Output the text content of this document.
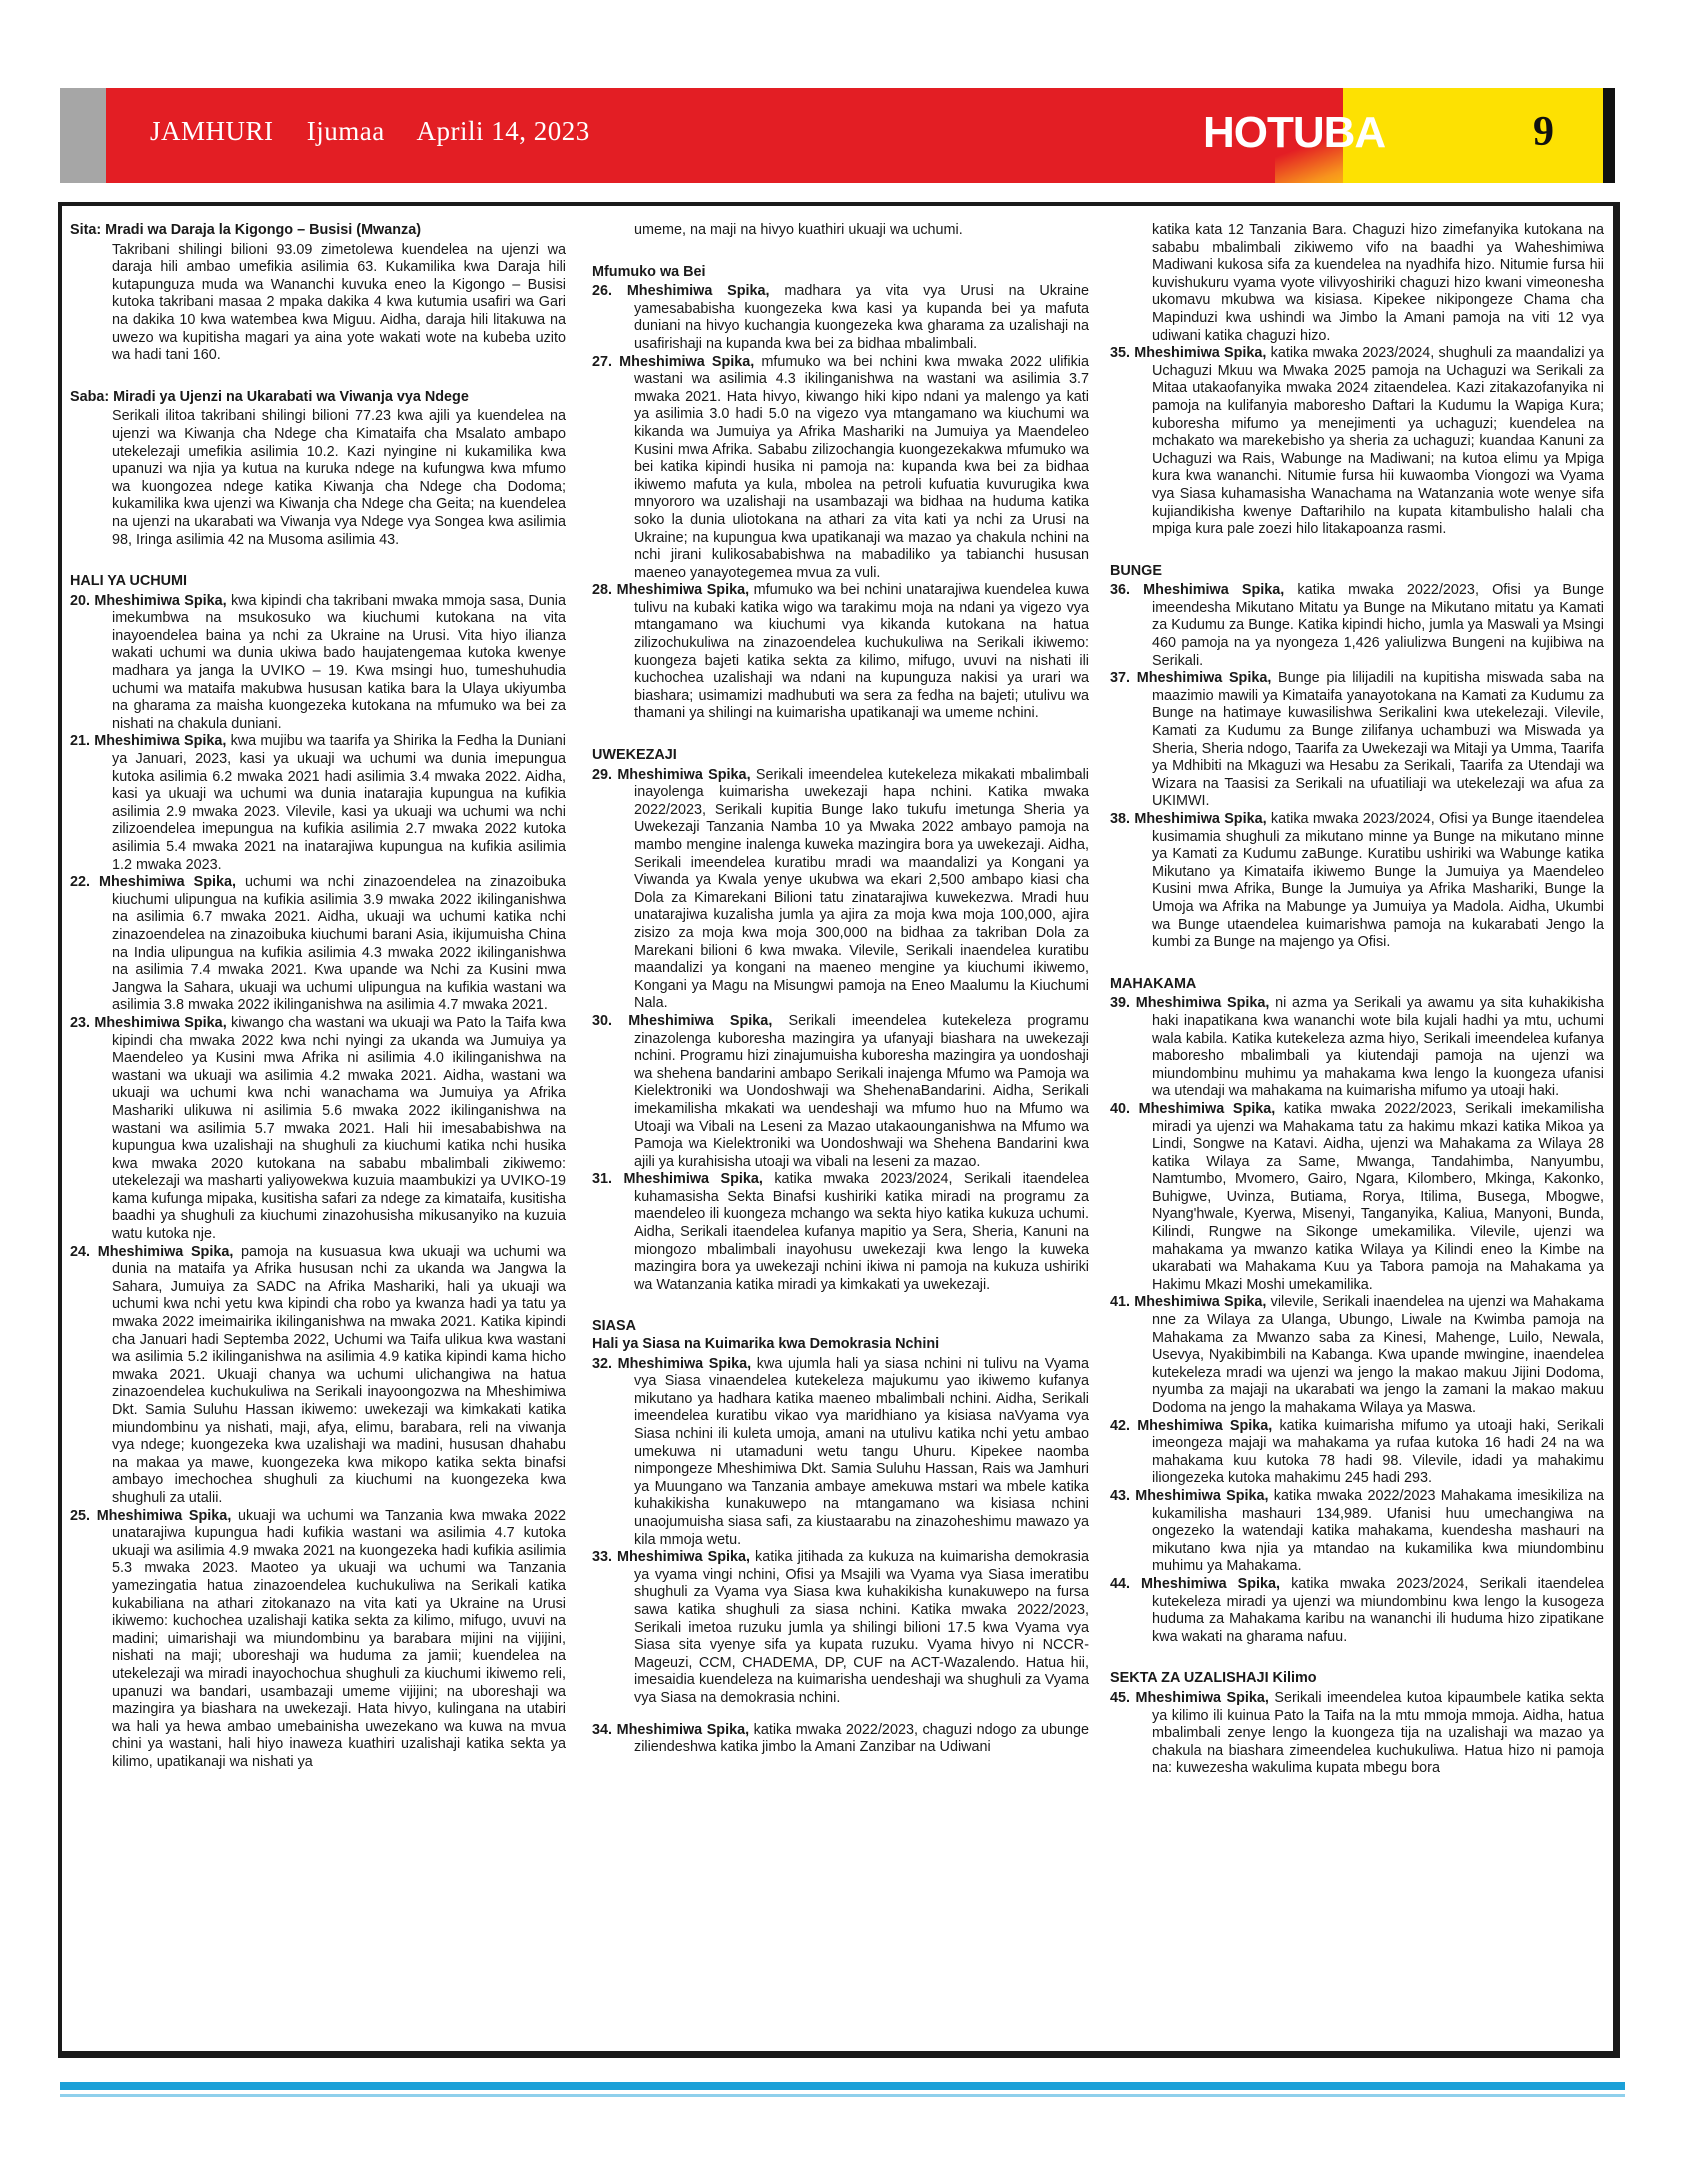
JAMHURI Ijumaa Aprili 14, 2023	HOTUBA	9
Sita: Mradi wa Daraja la Kigongo – Busisi (Mwanza)
Takribani shilingi bilioni 93.09 zimetolewa kuendelea na ujenzi wa daraja hili ambao umefikia asilimia 63. Kukamilika kwa Daraja hili kutapunguza muda wa Wananchi kuvuka eneo la Kigongo – Busisi kutoka takribani masaa 2 mpaka dakika 4 kwa kutumia usafiri wa Gari na dakika 10 kwa watembea kwa Miguu. Aidha, daraja hili litakuwa na uwezo wa kupitisha magari ya aina yote wakati wote na kubeba uzito wa hadi tani 160.
Saba: Miradi ya Ujenzi na Ukarabati wa Viwanja vya Ndege
Serikali ilitoa takribani shilingi bilioni 77.23 kwa ajili ya kuendelea na ujenzi wa Kiwanja cha Ndege cha Kimataifa cha Msalato ambapo utekelezaji umefikia asilimia 10.2. Kazi nyingine ni kukamilika kwa upanuzi wa njia ya kutua na kuruka ndege na kufungwa kwa mfumo wa kuongozea ndege katika Kiwanja cha Ndege cha Dodoma; kukamilika kwa ujenzi wa Kiwanja cha Ndege cha Geita; na kuendelea na ujenzi na ukarabati wa Viwanja vya Ndege vya Songea kwa asilimia 98, Iringa asilimia 42 na Musoma asilimia 43.
HALI YA UCHUMI

20. Mheshimiwa Spika, kwa kipindi cha takribani mwaka mmoja sasa, Dunia imekumbwa na msukosuko wa kiuchumi kutokana na vita inayoendelea baina ya nchi za Ukraine na Urusi. Vita hiyo ilianza wakati uchumi wa dunia ukiwa bado haujatengemaa kutoka kwenye madhara ya janga la UVIKO – 19. Kwa msingi huo, tumeshuhudia uchumi wa mataifa makubwa hususan katika bara la Ulaya ukiyumba na gharama za maisha kuongezeka kutokana na mfumuko wa bei za nishati na chakula duniani.

21. Mheshimiwa Spika, kwa mujibu wa taarifa ya Shirika la Fedha la Duniani ya Januari, 2023, kasi ya ukuaji wa uchumi wa dunia imepungua kutoka asilimia 6.2 mwaka 2021 hadi asilimia 3.4 mwaka 2022. Aidha, kasi ya ukuaji wa uchumi wa dunia inatarajia kupungua na kufikia asilimia 2.9 mwaka 2023. Vilevile, kasi ya ukuaji wa uchumi wa nchi zilizoendelea imepungua na kufikia asilimia 2.7 mwaka 2022 kutoka asilimia 5.4 mwaka 2021 na inatarajiwa kupungua na kufikia asilimia 1.2 mwaka 2023.

22. Mheshimiwa Spika, uchumi wa nchi zinazoendelea na zinazoibuka kiuchumi ulipungua na kufikia asilimia 3.9 mwaka 2022 ikilinganishwa na asilimia 6.7 mwaka 2021. Aidha, ukuaji wa uchumi katika nchi zinazoendelea na zinazoibuka kiuchumi barani Asia, ikijumuisha China na India ulipungua na kufikia asilimia 4.3 mwaka 2022 ikilinganishwa na asilimia 7.4 mwaka 2021. Kwa upande wa Nchi za Kusini mwa Jangwa la Sahara, ukuaji wa uchumi ulipungua na kufikia wastani wa asilimia 3.8 mwaka 2022 ikilinganishwa na asilimia 4.7 mwaka 2021.

23. Mheshimiwa Spika, kiwango cha wastani wa ukuaji wa Pato la Taifa kwa kipindi cha mwaka 2022 kwa nchi nyingi za ukanda wa Jumuiya ya Maendeleo ya Kusini mwa Afrika ni asilimia 4.0 ikilinganishwa na wastani wa ukuaji wa asilimia 4.2 mwaka 2021. Aidha, wastani wa ukuaji wa uchumi kwa nchi wanachama wa Jumuiya ya Afrika Mashariki ulikuwa ni asilimia 5.6 mwaka 2022 ikilinganishwa na wastani wa asilimia 5.7 mwaka 2021. Hali hii imesababishwa na kupungua kwa uzalishaji na shughuli za kiuchumi katika nchi husika kwa mwaka 2020 kutokana na sababu mbalimbali zikiwemo: utekelezaji wa masharti yaliyowekwa kuzuia maambukizi ya UVIKO-19 kama kufunga mipaka, kusitisha safari za ndege za kimataifa, kusitisha baadhi ya shughuli za kiuchumi zinazohusisha mikusanyiko na kuzuia watu kutoka nje.

24. Mheshimiwa Spika, pamoja na kusuasua kwa ukuaji wa uchumi wa dunia na mataifa ya Afrika hususan nchi za ukanda wa Jangwa la Sahara, Jumuiya za SADC na Afrika Mashariki, hali ya ukuaji wa uchumi kwa nchi yetu kwa kipindi cha robo ya kwanza hadi ya tatu ya mwaka 2022 imeimairika ikilinganishwa na mwaka 2021. Katika kipindi cha Januari hadi Septemba 2022, Uchumi wa Taifa ulikua kwa wastani wa asilimia 5.2 ikilinganishwa na asilimia 4.9 katika kipindi kama hicho mwaka 2021. Ukuaji chanya wa uchumi ulichangiwa na hatua zinazoendelea kuchukuliwa na Serikali inayoongozwa na Mheshimiwa Dkt. Samia Suluhu Hassan ikiwemo: uwekezaji wa kimkakati katika miundombinu ya nishati, maji, afya, elimu, barabara, reli na viwanja vya ndege; kuongezeka kwa uzalishaji wa madini, hususan dhahabu na makaa ya mawe, kuongezeka kwa mikopo katika sekta binafsi ambayo imechochea shughuli za kiuchumi na kuongezeka kwa shughuli za utalii.

25. Mheshimiwa Spika, ukuaji wa uchumi wa Tanzania kwa mwaka 2022 unatarajiwa kupungua hadi kufikia wastani wa asilimia 4.7 kutoka ukuaji wa asilimia 4.9 mwaka 2021 na kuongezeka hadi kufikia asilimia 5.3 mwaka 2023. Maoteo ya ukuaji wa uchumi wa Tanzania yamezingatia hatua zinazoendelea kuchukuliwa na Serikali katika kukabiliana na athari zitokanazo na vita kati ya Ukraine na Urusi ikiwemo: kuchochea uzalishaji katika sekta za kilimo, mifugo, uvuvi na madini; uimarishaji wa miundombinu ya barabara mijini na vijijini, nishati na maji; uboreshaji wa huduma za jamii; kuendelea na utekelezaji wa miradi inayochochua shughuli za kiuchumi ikiwemo reli, upanuzi wa bandari, usambazaji umeme vijijini; na uboreshaji wa mazingira ya biashara na uwekezaji. Hata hivyo, kulingana na utabiri wa hali ya hewa ambao umebainisha uwezekano wa kuwa na mvua chini ya wastani, hali hiyo inaweza kuathiri uzalishaji katika sekta ya kilimo, upatikanaji wa nishati ya

umeme, na maji na hivyo kuathiri ukuaji wa uchumi.
Mfumuko wa Bei

26. Mheshimiwa Spika, madhara ya vita vya Urusi na Ukraine yamesababisha kuongezeka kwa kasi ya kupanda bei ya mafuta duniani na hivyo kuchangia kuongezeka kwa gharama za uzalishaji na usafirishaji na kupanda kwa bei za bidhaa mbalimbali.

27. Mheshimiwa Spika, mfumuko wa bei nchini kwa mwaka 2022 ulifikia wastani wa asilimia 4.3 ikilinganishwa na wastani wa asilimia 3.7 mwaka 2021. Hata hivyo, kiwango hiki kipo ndani ya malengo ya kati ya asilimia 3.0 hadi 5.0 na vigezo vya mtangamano wa kiuchumi wa kikanda wa Jumuiya ya Afrika Mashariki na Jumuiya ya Maendeleo Kusini mwa Afrika. Sababu zilizochangia kuongezekakwa mfumuko wa bei katika kipindi husika ni pamoja na: kupanda kwa bei za bidhaa ikiwemo mafuta ya kula, mbolea na petroli kufuatia kuvurugika kwa mnyororo wa uzalishaji na usambazaji wa bidhaa na huduma katika soko la dunia uliotokana na athari za vita kati ya nchi za Urusi na Ukraine; na kupungua kwa upatikanaji wa mazao ya chakula nchini na nchi jirani kulikosababishwa na mabadiliko ya tabianchi hususan maeneo yanayotegemea mvua za vuli.

28. Mheshimiwa Spika, mfumuko wa bei nchini unatarajiwa kuendelea kuwa tulivu na kubaki katika wigo wa tarakimu moja na ndani ya vigezo vya mtangamano wa kiuchumi vya kikanda kutokana na hatua zilizochukuliwa na zinazoendelea kuchukuliwa na Serikali ikiwemo: kuongeza bajeti katika sekta za kilimo, mifugo, uvuvi na nishati ili kuchochea uzalishaji wa ndani na kupunguza nakisi ya urari wa biashara; usimamizi madhubuti wa sera za fedha na bajeti; utulivu wa thamani ya shilingi na kuimarisha upatikanaji wa umeme nchini.

UWEKEZAJI

29. Mheshimiwa Spika, Serikali imeendelea kutekeleza mikakati mbalimbali inayolenga kuimarisha uwekezaji hapa nchini. Katika mwaka 2022/2023, Serikali kupitia Bunge lako tukufu imetunga Sheria ya Uwekezaji Tanzania Namba 10 ya Mwaka 2022 ambayo pamoja na mambo mengine inalenga kuweka mazingira bora ya uwekezaji. Aidha, Serikali imeendelea kuratibu mradi wa maandalizi ya Kongani ya Viwanda ya Kwala yenye ukubwa wa ekari 2,500 ambapo kiasi cha Dola za Kimarekani Bilioni tatu zinatarajiwa kuwekezwa. Mradi huu unatarajiwa kuzalisha jumla ya ajira za moja kwa moja 100,000, ajira zisizo za moja kwa moja 300,000 na bidhaa za takriban Dola za Marekani bilioni 6 kwa mwaka. Vilevile, Serikali inaendelea kuratibu maandalizi ya kongani na maeneo mengine ya kiuchumi ikiwemo, Kongani ya Magu na Misungwi pamoja na Eneo Maalumu la Kiuchumi Nala.

30. Mheshimiwa Spika, Serikali imeendelea kutekeleza programu zinazolenga kuboresha mazingira ya ufanyaji biashara na uwekezaji nchini. Programu hizi zinajumuisha kuboresha mazingira ya uondoshaji wa shehena bandarini ambapo Serikali inajenga Mfumo wa Pamoja wa Kielektroniki wa Uondoshwaji wa ShehenaBandarini. Aidha, Serikali imekamilisha mkakati wa uendeshaji wa mfumo huo na Mfumo wa Utoaji wa Vibali na Leseni za Mazao utakaounganishwa na Mfumo wa Pamoja wa Kielektroniki wa Uondoshwaji wa Shehena Bandarini kwa ajili ya kurahisisha utoaji wa vibali na leseni za mazao.

31. Mheshimiwa Spika, katika mwaka 2023/2024, Serikali itaendelea kuhamasisha Sekta Binafsi kushiriki katika miradi na programu za maendeleo ili kuongeza mchango wa sekta hiyo katika kukuza uchumi. Aidha, Serikali itaendelea kufanya mapitio ya Sera, Sheria, Kanuni na miongozo mbalimbali inayohusu uwekezaji kwa lengo la kuweka mazingira bora ya uwekezaji nchini ikiwa ni pamoja na kukuza ushiriki wa Watanzania katika miradi ya kimkakati ya uwekezaji.

SIASA
Hali ya Siasa na Kuimarika kwa Demokrasia Nchini

32. Mheshimiwa Spika, kwa ujumla hali ya siasa nchini ni tulivu na Vyama vya Siasa vinaendelea kutekeleza majukumu yao ikiwemo kufanya mikutano ya hadhara katika maeneo mbalimbali nchini. Aidha, Serikali imeendelea kuratibu vikao vya maridhiano ya kisiasa naVyama vya Siasa nchini ili kuleta umoja, amani na utulivu katika nchi yetu ambao umekuwa ni utamaduni wetu tangu Uhuru. Kipekee naomba nimpongeze Mheshimiwa Dkt. Samia Suluhu Hassan, Rais wa Jamhuri ya Muungano wa Tanzania ambaye amekuwa mstari wa mbele katika kuhakikisha kunakuwepo na mtangamano wa kisiasa nchini unaojumuisha siasa safi, za kiustaarabu na zinazoheshimu mawazo ya kila mmoja wetu.

33. Mheshimiwa Spika, katika jitihada za kukuza na kuimarisha demokrasia ya vyama vingi nchini, Ofisi ya Msajili wa Vyama vya Siasa imeratibu shughuli za Vyama vya Siasa kwa kuhakikisha kunakuwepo na fursa sawa katika shughuli za siasa nchini. Katika mwaka 2022/2023, Serikali imetoa ruzuku jumla ya shilingi bilioni 17.5 kwa Vyama vya Siasa sita vyenye sifa ya kupata ruzuku. Vyama hivyo ni NCCR-Mageuzi, CCM, CHADEMA, DP, CUF na ACT-Wazalendo. Hatua hii, imesaidia kuendeleza na kuimarisha uendeshaji wa shughuli za Vyama vya Siasa na demokrasia nchini.

34. Mheshimiwa Spika, katika mwaka 2022/2023, chaguzi ndogo za ubunge ziliendeshwa katika jimbo la Amani Zanzibar na Udiwani

katika kata 12 Tanzania Bara. Chaguzi hizo zimefanyika kutokana na sababu mbalimbali zikiwemo vifo na baadhi ya Waheshimiwa Madiwani kukosa sifa za kuendelea na nyadhifa hizo. Nitumie fursa hii kuvishukuru vyama vyote vilivyoshiriki chaguzi hizo kwani vimeonesha ukomavu mkubwa wa kisiasa. Kipekee nikipongeze Chama cha Mapinduzi kwa ushindi wa Jimbo la Amani pamoja na viti 12 vya udiwani katika chaguzi hizo.

35. Mheshimiwa Spika, katika mwaka 2023/2024, shughuli za maandalizi ya Uchaguzi Mkuu wa Mwaka 2025 pamoja na Uchaguzi wa Serikali za Mitaa utakaofanyika mwaka 2024 zitaendelea. Kazi zitakazofanyika ni pamoja na kulifanyia maboresho Daftari la Kudumu la Wapiga Kura; kuboresha mifumo ya menejimenti ya uchaguzi; kuendelea na mchakato wa marekebisho ya sheria za uchaguzi; kuandaa Kanuni za Uchaguzi wa Rais, Wabunge na Madiwani; na kutoa elimu ya Mpiga kura kwa wananchi. Nitumie fursa hii kuwaomba Viongozi wa Vyama vya Siasa kuhamasisha Wanachama na Watanzania wote wenye sifa kujiandikisha kwenye Daftarihilo na kupata kitambulisho halali cha mpiga kura pale zoezi hilo litakapoanza rasmi.

BUNGE

36. Mheshimiwa Spika, katika mwaka 2022/2023, Ofisi ya Bunge imeendesha Mikutano Mitatu ya Bunge na Mikutano mitatu ya Kamati za Kudumu za Bunge. Katika kipindi hicho, jumla ya Maswali ya Msingi 460 pamoja na ya nyongeza 1,426 yaliulizwa Bungeni na kujibiwa na Serikali.

37. Mheshimiwa Spika, Bunge pia lilijadili na kupitisha miswada saba na maazimio mawili ya Kimataifa yanayotokana na Kamati za Kudumu za Bunge na hatimaye kuwasilishwa Serikalini kwa utekelezaji. Vilevile, Kamati za Kudumu za Bunge zilifanya uchambuzi wa Miswada ya Sheria, Sheria ndogo, Taarifa za Uwekezaji wa Mitaji ya Umma, Taarifa ya Mdhibiti na Mkaguzi wa Hesabu za Serikali, Taarifa za Utendaji wa Wizara na Taasisi za Serikali na ufuatiliaji wa utekelezaji wa afua za UKIMWI.

38. Mheshimiwa Spika, katika mwaka 2023/2024, Ofisi ya Bunge itaendelea kusimamia shughuli za mikutano minne ya Bunge na mikutano minne ya Kamati za Kudumu zaBunge. Kuratibu ushiriki wa Wabunge katika Mikutano ya Kimataifa ikiwemo Bunge la Jumuiya ya Maendeleo Kusini mwa Afrika, Bunge la Jumuiya ya Afrika Mashariki, Bunge la Umoja wa Afrika na Mabunge ya Jumuiya ya Madola. Aidha, Ukumbi wa Bunge utaendelea kuimarishwa pamoja na kukarabati Jengo la kumbi za Bunge na majengo ya Ofisi.

MAHAKAMA

39. Mheshimiwa Spika, ni azma ya Serikali ya awamu ya sita kuhakikisha haki inapatikana kwa wananchi wote bila kujali hadhi ya mtu, uchumi wala kabila. Katika kutekeleza azma hiyo, Serikali imeendelea kufanya maboresho mbalimbali ya kiutendaji pamoja na ujenzi wa miundombinu muhimu ya mahakama kwa lengo la kuongeza ufanisi wa utendaji wa mahakama na kuimarisha mifumo ya utoaji haki.

40. Mheshimiwa Spika, katika mwaka 2022/2023, Serikali imekamilisha miradi ya ujenzi wa Mahakama tatu za hakimu mkazi katika Mikoa ya Lindi, Songwe na Katavi. Aidha, ujenzi wa Mahakama za Wilaya 28 katika Wilaya za Same, Mwanga, Tandahimba, Nanyumbu, Namtumbo, Mvomero, Gairo, Ngara, Kilombero, Mkinga, Kakonko, Buhigwe, Uvinza, Butiama, Rorya, Itilima, Busega, Mbogwe, Nyang'hwale, Kyerwa, Misenyi, Tanganyika, Kaliua, Manyoni, Bunda, Kilindi, Rungwe na Sikonge umekamilika. Vilevile, ujenzi wa mahakama ya mwanzo katika Wilaya ya Kilindi eneo la Kimbe na ukarabati wa Mahakama Kuu ya Tabora pamoja na Mahakama ya Hakimu Mkazi Moshi umekamilika.

41. Mheshimiwa Spika, vilevile, Serikali inaendelea na ujenzi wa Mahakama nne za Wilaya za Ulanga, Ubungo, Liwale na Kwimba pamoja na Mahakama za Mwanzo saba za Kinesi, Mahenge, Luilo, Newala, Usevya, Nyakibimbili na Kabanga. Kwa upande mwingine, inaendelea kutekeleza mradi wa ujenzi wa jengo la makao makuu Jijini Dodoma, nyumba za majaji na ukarabati wa jengo la zamani la makao makuu Dodoma na jengo la mahakama Wilaya ya Maswa.

42. Mheshimiwa Spika, katika kuimarisha mifumo ya utoaji haki, Serikali imeongeza majaji wa mahakama ya rufaa kutoka 16 hadi 24 na wa mahakama kuu kutoka 78 hadi 98. Vilevile, idadi ya mahakimu iliongezeka kutoka mahakimu 245 hadi 293.

43. Mheshimiwa Spika, katika mwaka 2022/2023 Mahakama imesikiliza na kukamilisha mashauri 134,989. Ufanisi huu umechangiwa na ongezeko la watendaji katika mahakama, kuendesha mashauri na mikutano kwa njia ya mtandao na kukamilika kwa miundombinu muhimu ya Mahakama.

44. Mheshimiwa Spika, katika mwaka 2023/2024, Serikali itaendelea kutekeleza miradi ya ujenzi wa miundombinu kwa lengo la kusogeza huduma za Mahakama karibu na wananchi ili huduma hizo zipatikane kwa wakati na gharama nafuu.

SEKTA ZA UZALISHAJI Kilimo

45. Mheshimiwa Spika, Serikali imeendelea kutoa kipaumbele katika sekta ya kilimo ili kuinua Pato la Taifa na la mtu mmoja mmoja. Aidha, hatua mbalimbali zenye lengo la kuongeza tija na uzalishaji wa mazao ya chakula na biashara zimeendelea kuchukuliwa. Hatua hizo ni pamoja na: kuwezesha wakulima kupata mbegu bora
